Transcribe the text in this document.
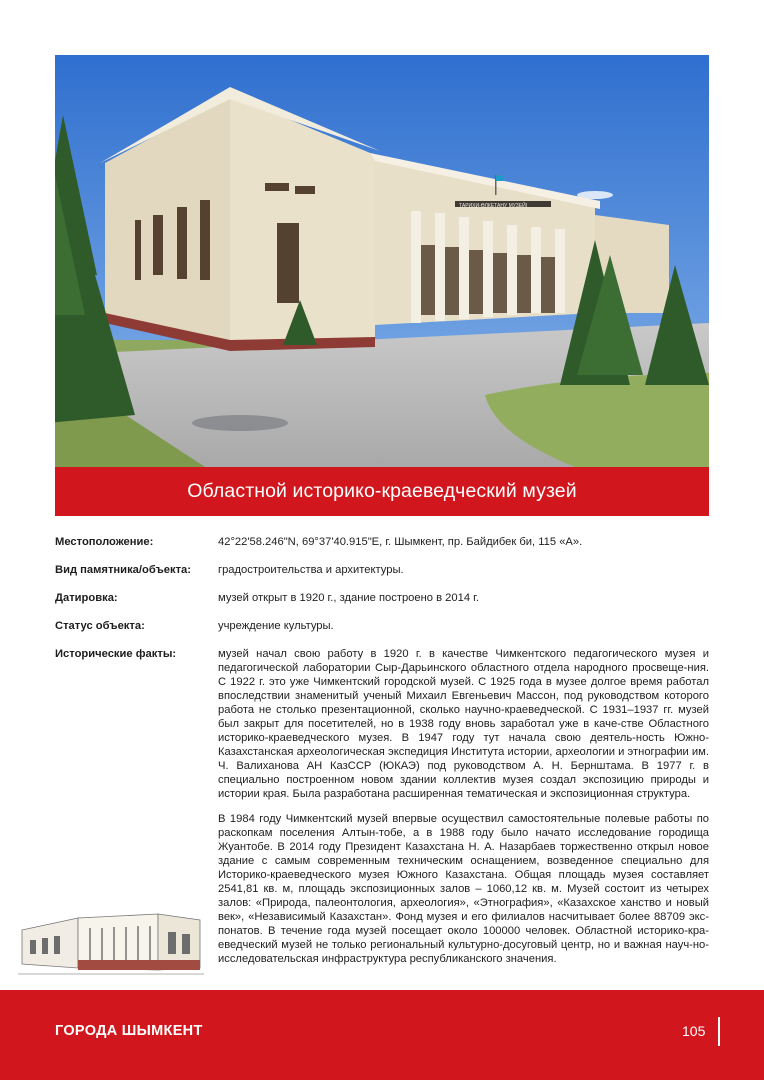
ТАРИХИ-ӨЛКЕТАНУ МУЗЕЙІ
Областной историко-краеведческий музей
Местоположение:	42°22'58.246"N, 69°37'40.915"E, г. Шымкент, пр. Байдибек би, 115 «А».
Вид памятника/объекта: градостроительства и архитектуры.
Датировка:	музей открыт в 1920 г., здание построено в 2014 г.
Статус объекта:	учреждение культуры.
Исторические факты:	музей начал свою работу в 1920 г. в качестве Чимкентского педагогического музея и педагогической лаборатории Сыр-Дарьинского областного отдела народного просвеще-ния. С 1922 г. это уже Чимкентский городской музей. С 1925 года в музее долгое время работал впоследствии знаменитый ученый Михаил Евгеньевич Массон, под руководством которого работа не столько презентационной, сколько научно-краеведческой. С 1931–1937 гг. музей был закрыт для посетителей, но в 1938 году вновь заработал уже в каче-стве Областного историко-краеведческого музея. В 1947 году тут начала свою деятель-ность Южно-Казахстанская археологическая экспедиция Института истории, археологии и этнографии им. Ч. Валиханова АН КазССР (ЮКАЭ) под руководством А. Н. Бернштама. В 1977 г. в специально построенном новом здании коллектив музея создал экспозицию природы и истории края. Была разработана расширенная тематическая и экспозиционная структура.

В 1984 году Чимкентский музей впервые осуществил самостоятельные полевые работы по раскопкам поселения Алтын-тобе, а в 1988 году было начато исследование городища Жуантобе. В 2014 году Президент Казахстана Н. А. Назарбаев торжественно открыл новое здание с самым современным техническим оснащением, возведенное специально для Историко-краеведческого музея Южного Казахстана. Общая площадь музея составляет 2541,81 кв. м, площадь экспозиционных залов – 1060,12 кв. м. Музей состоит из четырех залов: «Природа, палеонтология, археология», «Этнография», «Казахское ханство и новый век», «Независимый Казахстан». Фонд музея и его филиалов насчитывает более 88709 экс-понатов. В течение года музей посещает около 100000 человек. Областной историко-кра-еведческий музей не только региональный культурно-досуговый центр, но и важная науч-но-исследовательская инфраструктура республиканского значения.

ГОРОДА ШЫМКЕНТ	105
